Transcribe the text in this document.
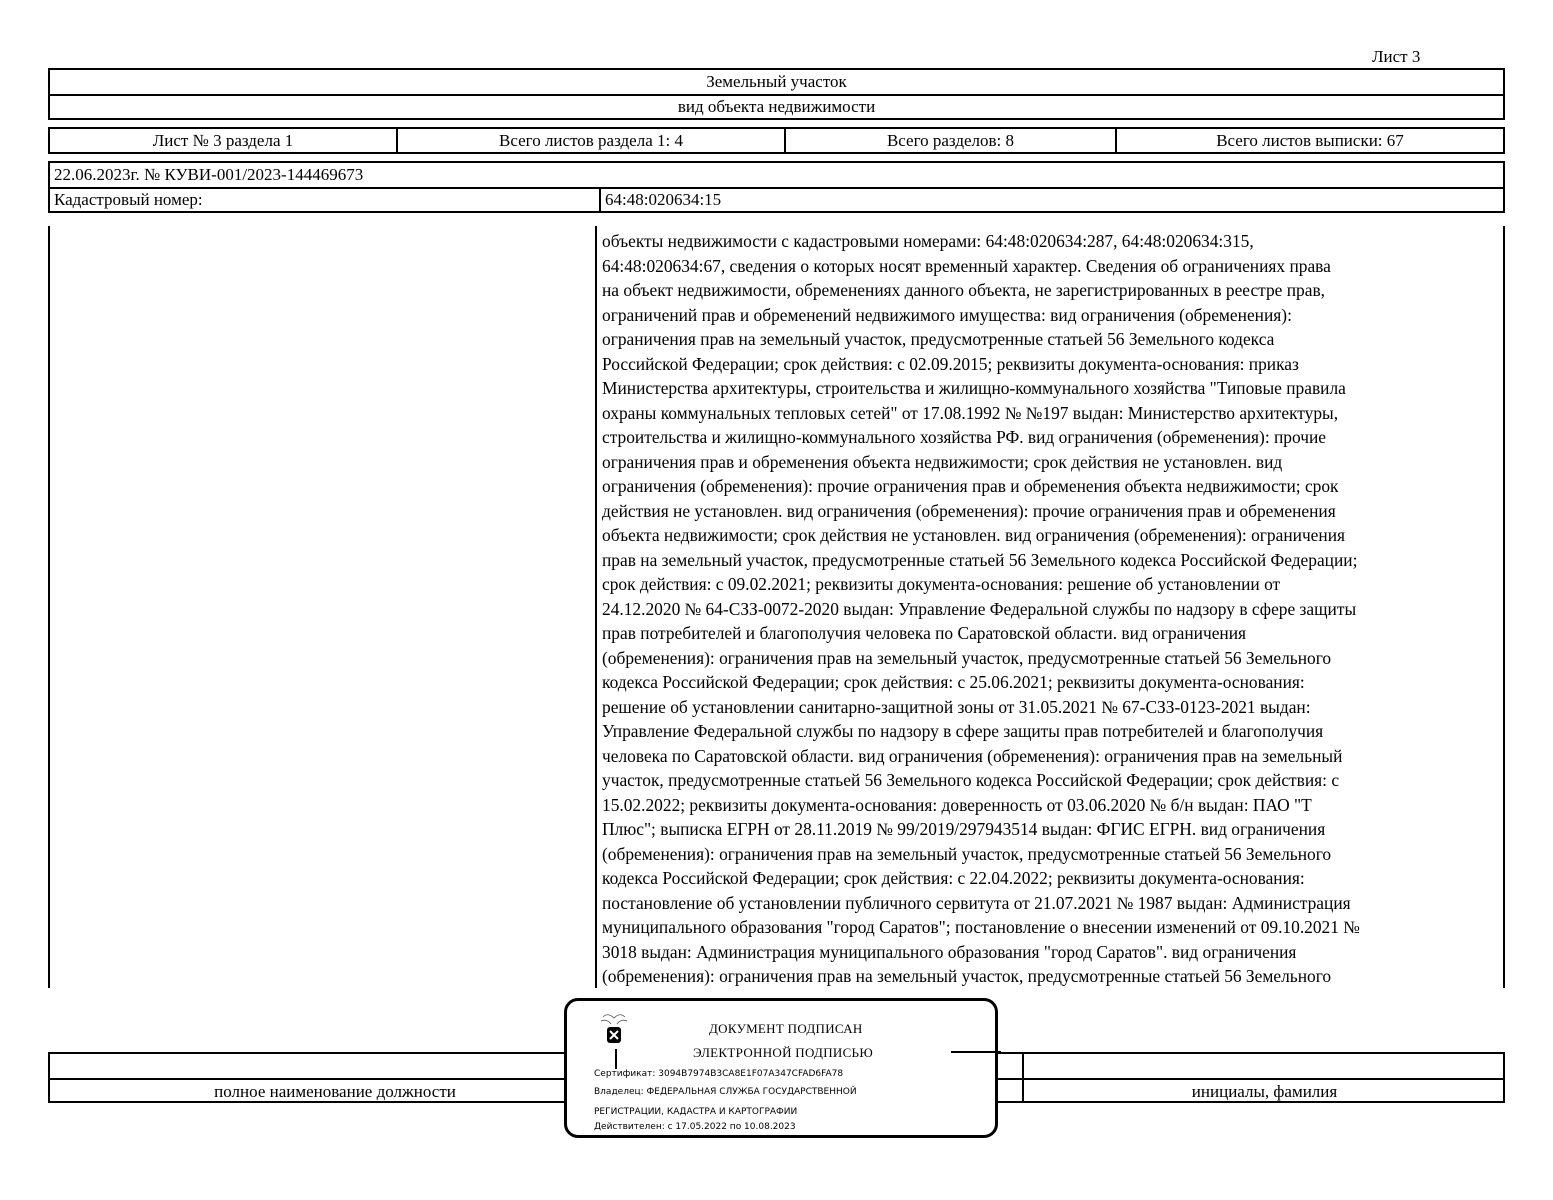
Лист 3
Земельный участок
вид объекта недвижимости
Лист № 3 раздела 1	Всего листов раздела 1: 4	Всего разделов: 8	Всего листов выписки: 67
22.06.2023г. № КУВИ-001/2023-144469673
Кадастровый номер:	64:48:020634:15
объекты недвижимости с кадастровыми номерами: 64:48:020634:287, 64:48:020634:315,
64:48:020634:67, сведения о которых носят временный характер. Сведения об ограничениях права
на объект недвижимости, обременениях данного объекта, не зарегистрированных в реестре прав,
ограничений прав и обременений недвижимого имущества: вид ограничения (обременения):
ограничения прав на земельный участок, предусмотренные статьей 56 Земельного кодекса
Российской Федерации; срок действия: с 02.09.2015; реквизиты документа-основания: приказ
Министерства архитектуры, строительства и жилищно-коммунального хозяйства "Типовые правила
охраны коммунальных тепловых сетей" от 17.08.1992 № №197 выдан: Министерство архитектуры,
строительства и жилищно-коммунального хозяйства РФ. вид ограничения (обременения): прочие
ограничения прав и обременения объекта недвижимости; срок действия не установлен. вид
ограничения (обременения): прочие ограничения прав и обременения объекта недвижимости; срок
действия не установлен. вид ограничения (обременения): прочие ограничения прав и обременения
объекта недвижимости; срок действия не установлен. вид ограничения (обременения): ограничения
прав на земельный участок, предусмотренные статьей 56 Земельного кодекса Российской Федерации;
срок действия: с 09.02.2021; реквизиты документа-основания: решение об установлении от
24.12.2020 № 64-СЗЗ-0072-2020 выдан: Управление Федеральной службы по надзору в сфере защиты
прав потребителей и благополучия человека по Саратовской области. вид ограничения
(обременения): ограничения прав на земельный участок, предусмотренные статьей 56 Земельного
кодекса Российской Федерации; срок действия: с 25.06.2021; реквизиты документа-основания:
решение об установлении санитарно-защитной зоны от 31.05.2021 № 67-СЗЗ-0123-2021 выдан:
Управление Федеральной службы по надзору в сфере защиты прав потребителей и благополучия
человека по Саратовской области. вид ограничения (обременения): ограничения прав на земельный
участок, предусмотренные статьей 56 Земельного кодекса Российской Федерации; срок действия: с
15.02.2022; реквизиты документа-основания: доверенность от 03.06.2020 № б/н выдан: ПАО "Т
Плюс"; выписка ЕГРН от 28.11.2019 № 99/2019/297943514 выдан: ФГИС ЕГРН. вид ограничения
(обременения): ограничения прав на земельный участок, предусмотренные статьей 56 Земельного
кодекса Российской Федерации; срок действия: с 22.04.2022; реквизиты документа-основания:
постановление об установлении публичного сервитута от 21.07.2021 № 1987 выдан: Администрация
муниципального образования "город Саратов"; постановление о внесении изменений от 09.10.2021 №
3018 выдан: Администрация муниципального образования "город Саратов". вид ограничения
(обременения): ограничения прав на земельный участок, предусмотренные статьей 56 Земельного
полное наименование должности	инициалы, фамилия
ДОКУМЕНТ ПОДПИСАН
ЭЛЕКТРОННОЙ ПОДПИСЬЮ
Сертификат: 3094B7974B3CA8E1F07A347CFAD6FA78
Владелец: ФЕДЕРАЛЬНАЯ СЛУЖБА ГОСУДАРСТВЕННОЙ
РЕГИСТРАЦИИ, КАДАСТРА И КАРТОГРАФИИ
Действителен: с 17.05.2022 по 10.08.2023
